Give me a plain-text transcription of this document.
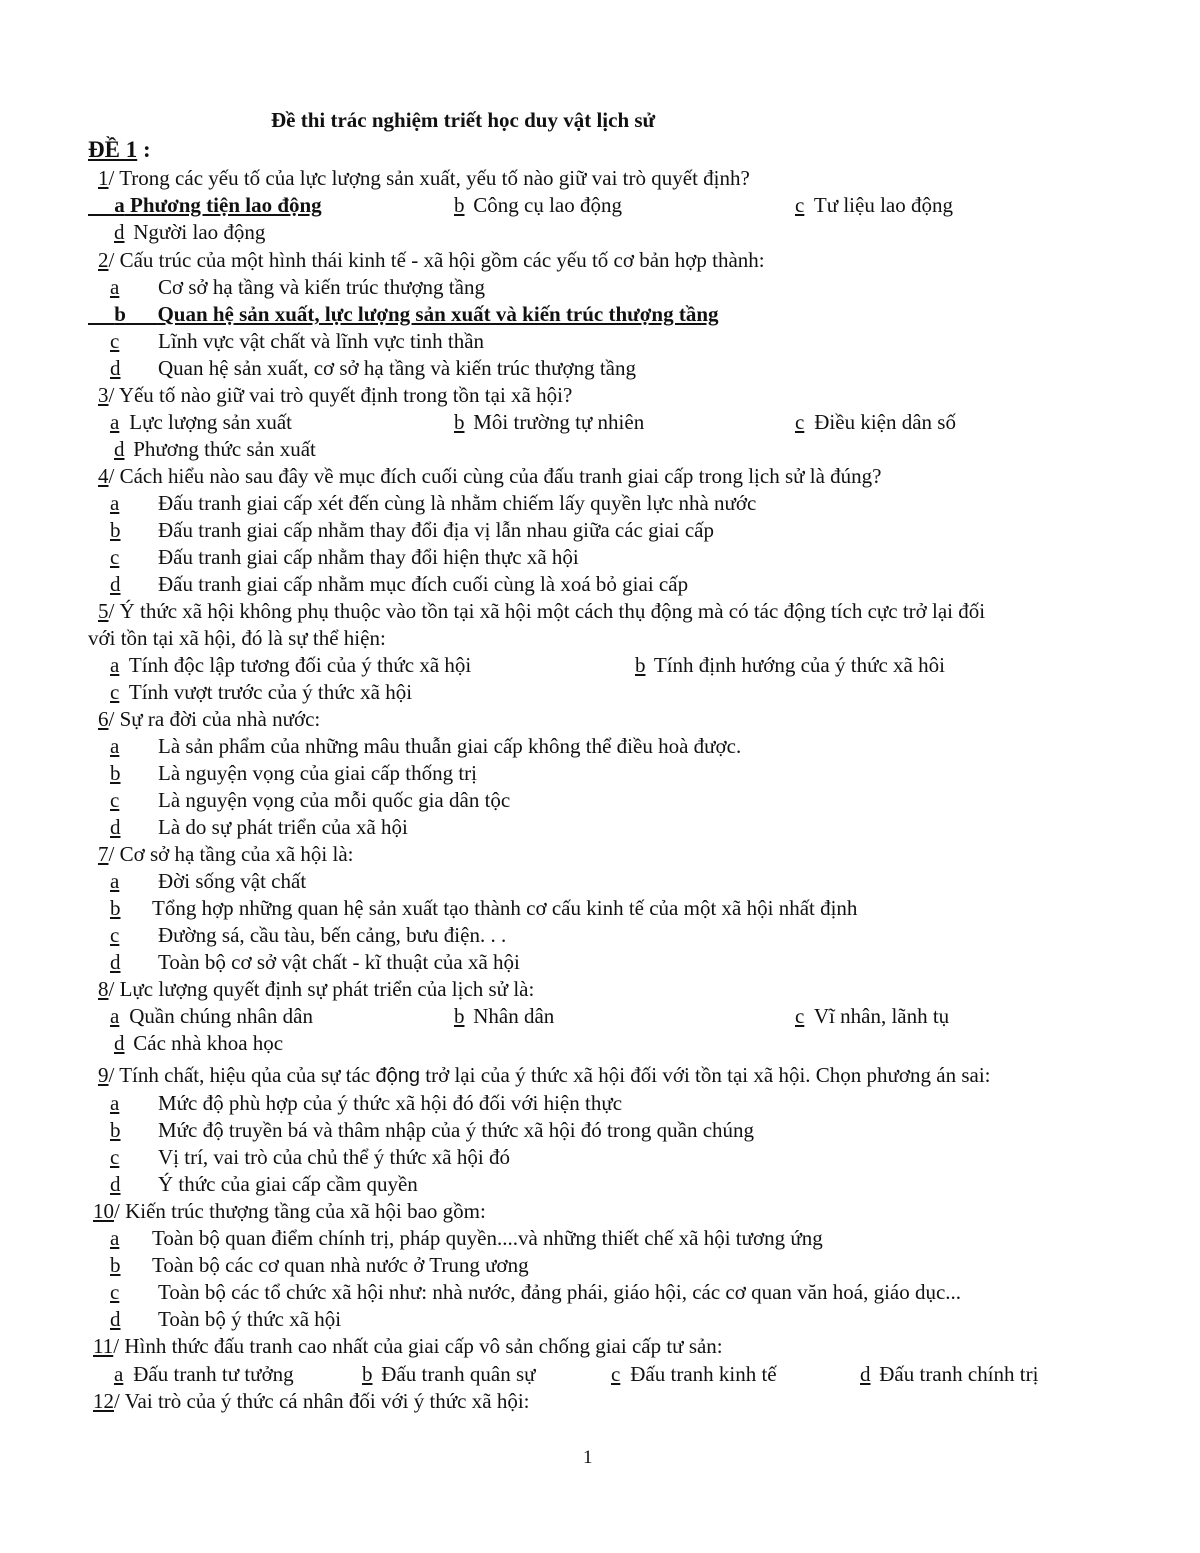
Đề thi trác nghiệm triết học duy vật lịch sử
ĐỀ 1 :
1/ Trong các yếu tố của lực lượng sản xuất, yếu tố nào giữ vai trò quyết định?

a Phương tiện lao động	b Công cụ lao động	c Tư liệu lao động
d Người lao động
2/ Cấu trúc của một hình thái kinh tế - xã hội gồm các yếu tố cơ bản hợp thành:
a Cơ sở hạ tầng và kiến trúc thượng tầng
b Quan hệ sản xuất, lực lượng sản xuất và kiến trúc thượng tầng
c Lĩnh vực vật chất và lĩnh vực tinh thần
d Quan hệ sản xuất, cơ sở hạ tầng và kiến trúc thượng tầng
3/ Yếu tố nào giữ vai trò quyết định trong tồn tại xã hội?
a Lực lượng sản xuất	b Môi trường tự nhiên	c Điều kiện dân số
d Phương thức sản xuất
4/ Cách hiểu nào sau đây về mục đích cuối cùng của đấu tranh giai cấp trong lịch sử là đúng?
a Đấu tranh giai cấp xét đến cùng là nhằm chiếm lấy quyền lực nhà nước
b Đấu tranh giai cấp nhằm thay đổi địa vị lẫn nhau giữa các giai cấp
c Đấu tranh giai cấp nhằm thay đổi hiện thực xã hội
d Đấu tranh giai cấp nhằm mục đích cuối cùng là xoá bỏ giai cấp
5/ Ý thức xã hội không phụ thuộc vào tồn tại xã hội một cách thụ động mà có tác động tích cực trở lại đối
với tồn tại xã hội, đó là sự thể hiện:
a Tính độc lập tương đối của ý thức xã hội	b Tính định hướng của ý thức xã hôi
c Tính vượt trước của ý thức xã hội
6/ Sự ra đời của nhà nước:
a Là sản phẩm của những mâu thuẫn giai cấp không thể điều hoà được.
b Là nguyện vọng của giai cấp thống trị
c Là nguyện vọng của mỗi quốc gia dân tộc
d Là do sự phát triển của xã hội
7/ Cơ sở hạ tầng của xã hội là:
a Đời sống vật chất
b Tổng hợp những quan hệ sản xuất tạo thành cơ cấu kinh tế của một xã hội nhất định
c Đường sá, cầu tàu, bến cảng, bưu điện. . .
d Toàn bộ cơ sở vật chất - kĩ thuật của xã hội
8/ Lực lượng quyết định sự phát triển của lịch sử là:
a Quần chúng nhân dân	b Nhân dân	c Vĩ nhân, lãnh tụ
d Các nhà khoa học
9/ Tính chất, hiệu qủa của sự tác động trở lại của ý thức xã hội đối với tồn tại xã hội. Chọn phương án sai:
a Mức độ phù hợp của ý thức xã hội đó đối với hiện thực
b Mức độ truyền bá và thâm nhập của ý thức xã hội đó trong quần chúng
c Vị trí, vai trò của chủ thể ý thức xã hội đó
d Ý thức của giai cấp cầm quyền
10/ Kiến trúc thượng tầng của xã hội bao gồm:
a Toàn bộ quan điểm chính trị, pháp quyền....và những thiết chế xã hội tương ứng
b Toàn bộ các cơ quan nhà nước ở Trung ương
c Toàn bộ các tổ chức xã hội như: nhà nước, đảng phái, giáo hội, các cơ quan văn hoá, giáo dục...
d Toàn bộ ý thức xã hội
11/ Hình thức đấu tranh cao nhất của giai cấp vô sản chống giai cấp tư sản:
a Đấu tranh tư tưởng	b Đấu tranh quân sự	c Đấu tranh kinh tế	d Đấu tranh chính trị
12/ Vai trò của ý thức cá nhân đối với ý thức xã hội:
1
